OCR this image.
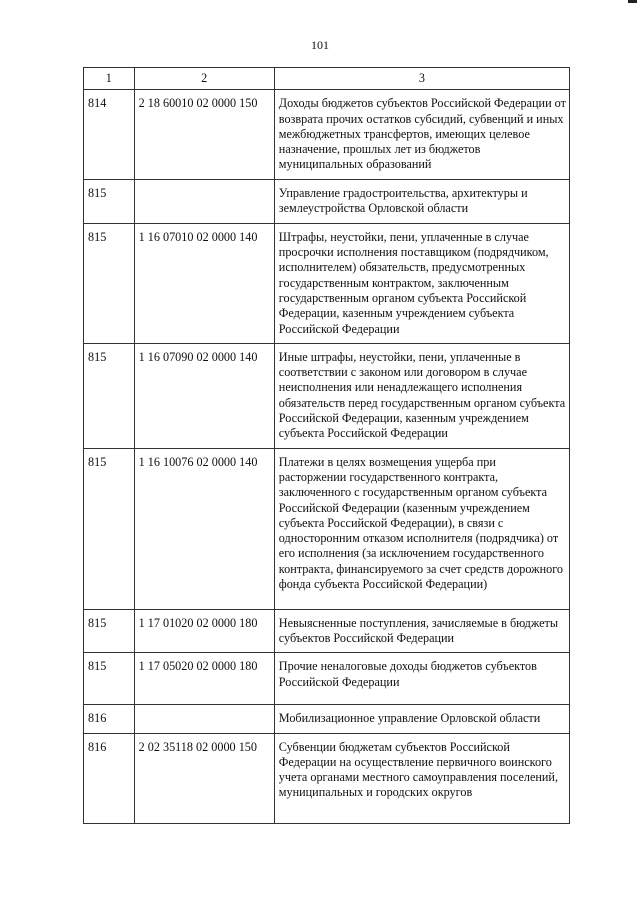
101
1	2	3
814	2 18 60010 02 0000 150	Доходы бюджетов субъектов Российской Федерации от возврата прочих остатков субсидий, субвенций и иных межбюджетных трансфертов, имеющих целевое назначение, прошлых лет из бюджетов муниципальных образований
815		Управление градостроительства, архитектуры и землеустройства Орловской области
815	1 16 07010 02 0000 140	Штрафы, неустойки, пени, уплаченные в случае просрочки исполнения поставщиком (подрядчиком, исполнителем) обязательств, предусмотренных государственным контрактом, заключенным государственным органом субъекта Российской Федерации, казенным учреждением субъекта Российской Федерации
815	1 16 07090 02 0000 140	Иные штрафы, неустойки, пени, уплаченные в соответствии с законом или договором в случае неисполнения или ненадлежащего исполнения обязательств перед государственным органом субъекта Российской Федерации, казенным учреждением субъекта Российской Федерации
815	1 16 10076 02 0000 140	Платежи в целях возмещения ущерба при расторжении государственного контракта, заключенного с государственным органом субъекта Российской Федерации (казенным учреждением субъекта Российской Федерации), в связи с односторонним отказом исполнителя (подрядчика) от его исполнения (за исключением государственного контракта, финансируемого за счет средств дорожного фонда субъекта Российской Федерации)
815	1 17 01020 02 0000 180	Невыясненные поступления, зачисляемые в бюджеты субъектов Российской Федерации
815	1 17 05020 02 0000 180	Прочие неналоговые доходы бюджетов субъектов Российской Федерации
816		Мобилизационное управление Орловской области
816	2 02 35118 02 0000 150	Субвенции бюджетам субъектов Российской Федерации на осуществление первичного воинского учета органами местного самоуправления поселений, муниципальных и городских округов
